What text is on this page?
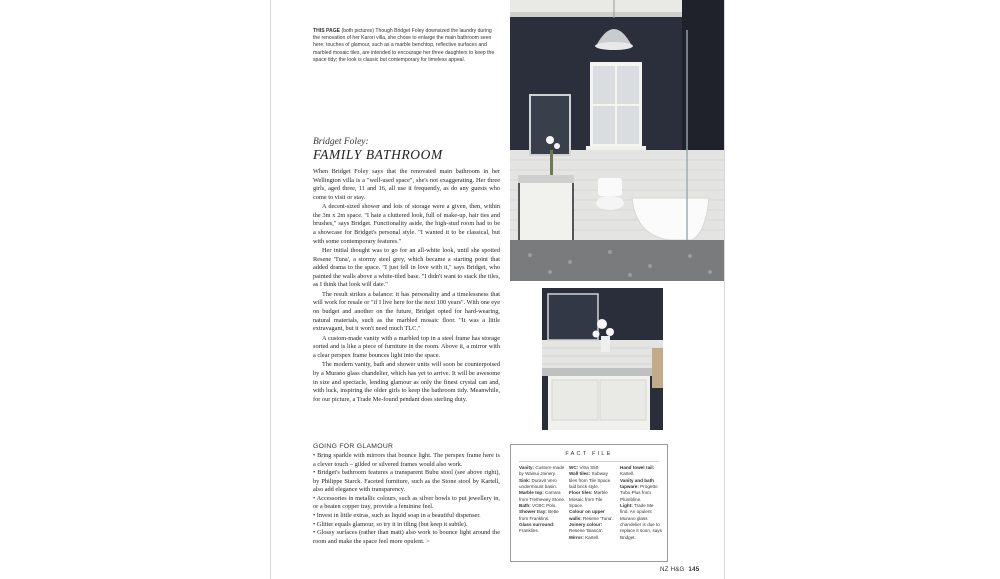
THIS PAGE (both pictures) Though Bridget Foley downsized the laundry during the renovation of her Karori villa, she chose to enlarge the main bathroom seen here; touches of glamour, such as a marble benchtop, reflective surfaces and marbled mosaic tiles, are intended to encourage her three daughters to keep the space tidy; the look is classic but contemporary for timeless appeal.
Bridget Foley:
FAMILY BATHROOM

When Bridget Foley says that the renovated main bathroom in her Wellington villa is a "well-used space", she's not exaggerating. Her three girls, aged three, 11 and 16, all use it frequently, as do any guests who come to visit or stay.

A decent-sized shower and lots of storage were a given, then, within the 3m x 2m space. "I hate a cluttered look, full of make-up, hair ties and brushes," says Bridget. Functionality aside, the high-stud room had to be a showcase for Bridget's personal style. "I wanted it to be classical, but with some contemporary features."

Her initial thought was to go for an all-white look, until she spotted Resene 'Tuna', a stormy steel grey, which became a starting point that added drama to the space. "I just fell in love with it," says Bridget, who painted the walls above a white-tiled base. "I didn't want to stack the tiles, as I think that look will date."

The result strikes a balance: it has personality and a timelessness that will work for resale or "if I live here for the next 100 years". With one eye on budget and another on the future, Bridget opted for hard-wearing, natural materials, such as the marbled mosaic floor. "It was a little extravagant, but it won't need much TLC."

A custom-made vanity with a marbled top in a steel frame has storage sorted and is like a piece of furniture in the room. Above it, a mirror with a clear perspex frame bounces light into the space.

The modern vanity, bath and shower units will soon be counterpoised by a Murano glass chandelier, which has yet to arrive. It will be awesome in size and spectacle, lending glamour as only the finest crystal can and, with luck, inspiring the older girls to keep the bathroom tidy. Meanwhile, for our picture, a Trade Me-found pendant does sterling duty.

GOING FOR GLAMOUR
• Bring sparkle with mirrors that bounce light. The perspex frame here is a clever touch – gilded or silvered frames would also work.
• Bridget's bathroom features a transparent Bubu stool (see above right), by Philippe Starck. Faceted furniture, such as the Stone stool by Kartell, also add elegance with transparency.
• Accessories in metallic colours, such as silver bowls to put jewellery in, or a beaten copper tray, provide a feminine feel.
• Invest in little extras, such as liquid soap in a beautiful dispenser.
• Glitter equals glamour, so try it in tiling (but keep it subtle).
• Glossy surfaces (rather than matt) also work to bounce light around the room and make the space feel more opulent. >
FACT FILE
Vanity: Custom-made by Wainui Joinery.
Sink: Duravit Vero undermount basin.
Marble top: Carrara from Trethewey Stone.
Bath: VCBC Polo.
Shower tray: Bette from Franklins.
Glass surround: Franklins.
WC: Vitra S50.
Wall tiles: Subway tiles from Tile Space laid brick style.
Floor tiles: Marble Mosaic from Tile Space.
Colour on upper walls: Resene 'Tuna'.
Joinery colour: Resene 'Bianca'.
Mirror: Kartell.
Hand towel rail: Kartell.
Vanity and bath tapware: Progetto Tubo Plus from Plumbline.
Light: Trade Me find. An opulent Murano glass chandelier is due to replace it soon, says Bridget.
NZ H&G 145
